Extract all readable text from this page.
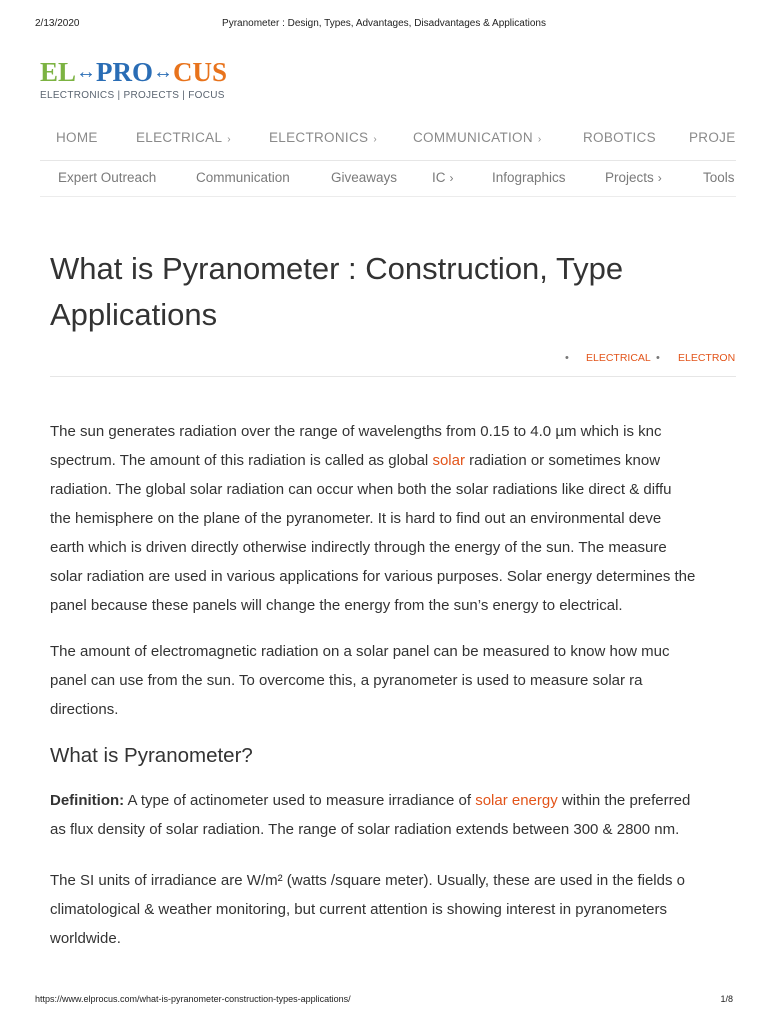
2/13/2020	Pyranometer : Design, Types, Advantages, Disadvantages & Applications
EL↔PRO↔CUS
ELECTRONICS | PROJECTS | FOCUS
HOME	ELECTRICAL ›	ELECTRONICS ›	COMMUNICATION ›	ROBOTICS PROJE
Expert Outreach	Communication	Giveaways	IC ›	Infographics	Projects ›	Tools
What is Pyranometer : Construction, Type
Applications
• ELECTRICAL • ELECTRON

The sun generates radiation over the range of wavelengths from 0.15 to 4.0 µm which is knc
spectrum. The amount of this radiation is called as global solar radiation or sometimes know
radiation. The global solar radiation can occur when both the solar radiations like direct & diffu
the hemisphere on the plane of the pyranometer. It is hard to find out an environmental deve
earth which is driven directly otherwise indirectly through the energy of the sun. The measure
solar radiation are used in various applications for various purposes. Solar energy determines the
panel because these panels will change the energy from the sun’s energy to electrical.

The amount of electromagnetic radiation on a solar panel can be measured to know how muc
panel can use from the sun. To overcome this, a pyranometer is used to measure solar ra
directions.

What is Pyranometer?

Definition: A type of actinometer used to measure irradiance of solar energy within the preferred
as flux density of solar radiation. The range of solar radiation extends between 300 & 2800 nm.

The SI units of irradiance are W/m² (watts /square meter). Usually, these are used in the fields o
climatological & weather monitoring, but current attention is showing interest in pyranometers
worldwide.

https://www.elprocus.com/what-is-pyranometer-construction-types-applications/	1/8
